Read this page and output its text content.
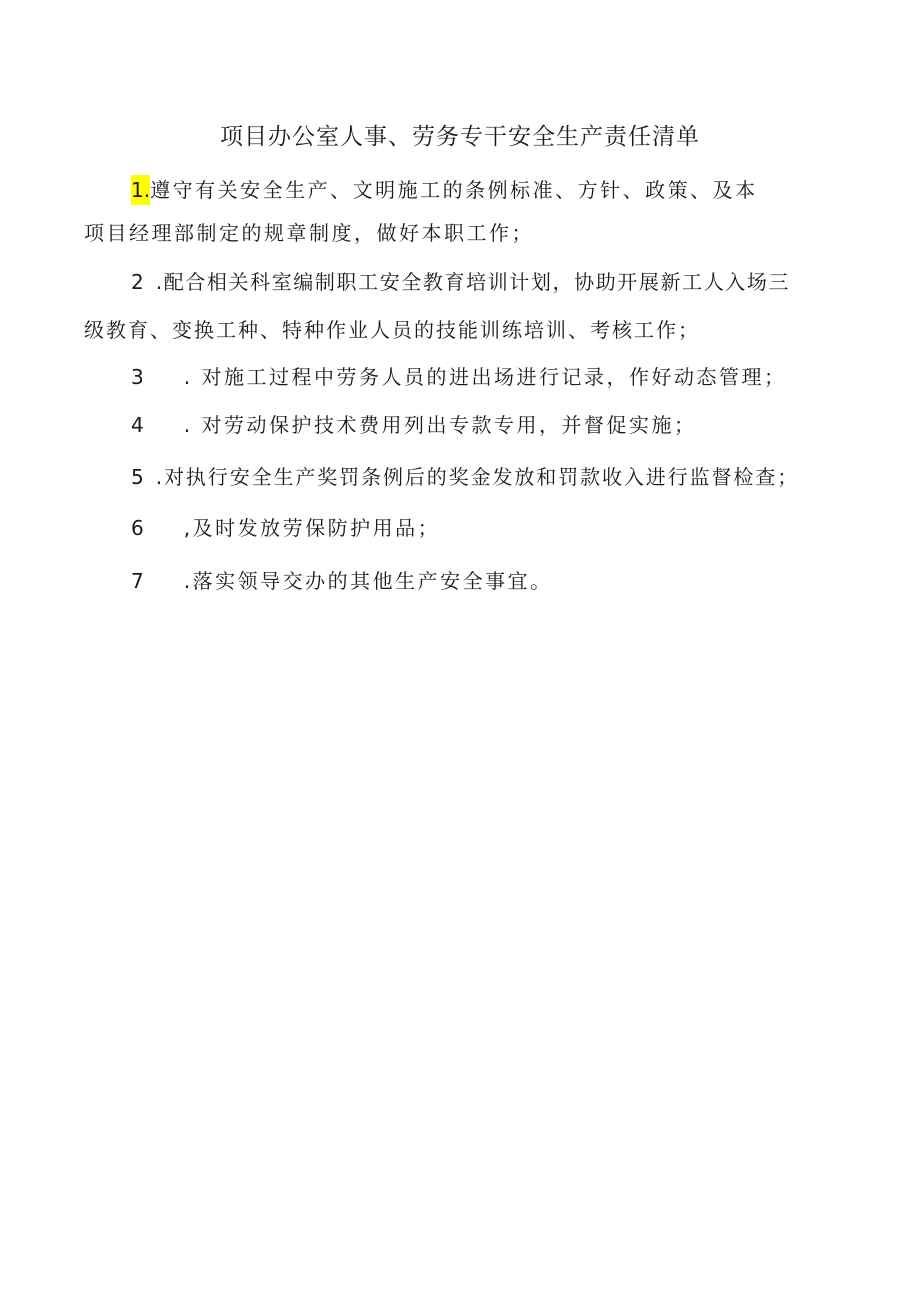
项目办公室人事、劳务专干安全生产责任清单
1.遵守有关安全生产、文明施工的条例标准、方针、政策、及本
项目经理部制定的规章制度，做好本职工作；
2 .配合相关科室编制职工安全教育培训计划，协助开展新工人入场三
级教育、变换工种、特种作业人员的技能训练培训、考核工作；
3 . 对施工过程中劳务人员的进出场进行记录，作好动态管理；
4 . 对劳动保护技术费用列出专款专用，并督促实施；
5 .对执行安全生产奖罚条例后的奖金发放和罚款收入进行监督检查；
6 ,及时发放劳保防护用品；
7 .落实领导交办的其他生产安全事宜。
